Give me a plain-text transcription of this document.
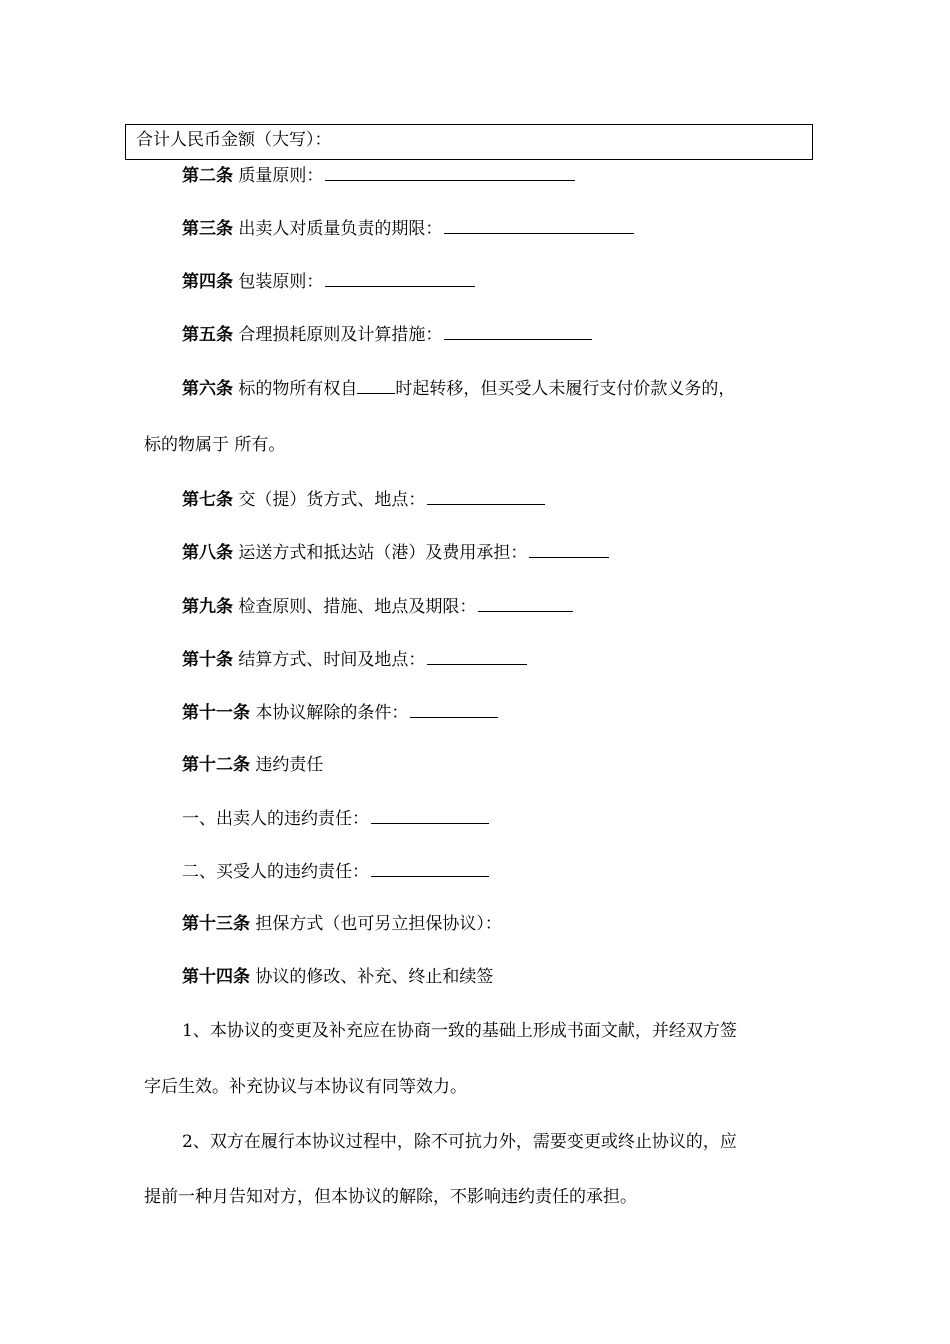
合计人民币金额（大写）：
第二条 质量原则：
第三条 出卖人对质量负责的期限：
第四条 包装原则：
第五条 合理损耗原则及计算措施：
第六条 标的物所有权自 时起转移，但买受人未履行支付价款义务的，
标的物属于 所有。
第七条 交（提）货方式、地点：
第八条 运送方式和抵达站（港）及费用承担：
第九条 检查原则、措施、地点及期限：
第十条 结算方式、时间及地点：
第十一条 本协议解除的条件：
第十二条 违约责任
一、出卖人的违约责任：
二、买受人的违约责任：
第十三条 担保方式（也可另立担保协议）：
第十四条 协议的修改、补充、终止和续签
1、本协议的变更及补充应在协商一致的基础上形成书面文献，并经双方签
字后生效。补充协议与本协议有同等效力。
2、双方在履行本协议过程中，除不可抗力外，需要变更或终止协议的，应
提前一种月告知对方，但本协议的解除，不影响违约责任的承担。
